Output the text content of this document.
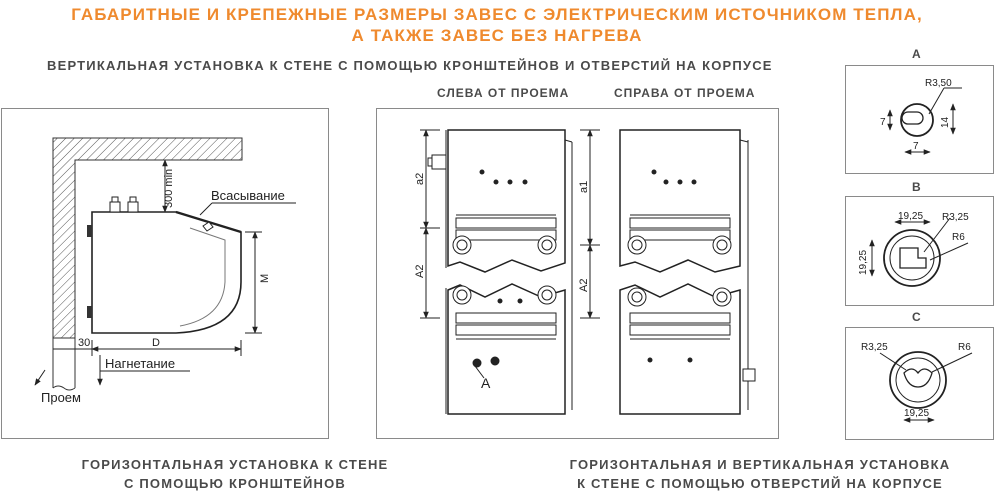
ГАБАРИТНЫЕ И КРЕПЕЖНЫЕ РАЗМЕРЫ ЗАВЕС С ЭЛЕКТРИЧЕСКИМ ИСТОЧНИКОМ ТЕПЛА,
А ТАКЖЕ ЗАВЕС БЕЗ НАГРЕВА
ВЕРТИКАЛЬНАЯ УСТАНОВКА К СТЕНЕ С ПОМОЩЬЮ КРОНШТЕЙНОВ И ОТВЕРСТИЙ НА КОРПУСЕ
СЛЕВА ОТ ПРОЕМА	СПРАВА ОТ ПРОЕМА
A
B
C
ГОРИЗОНТАЛЬНАЯ УСТАНОВКА К СТЕНЕ
С ПОМОЩЬЮ КРОНШТЕЙНОВ
ГОРИЗОНТАЛЬНАЯ И ВЕРТИКАЛЬНАЯ УСТАНОВКА
К СТЕНЕ С ПОМОЩЬЮ ОТВЕРСТИЙ НА КОРПУСЕ
300 min	Всасывание
M
D
30
Нагнетание
Проем
a2
A2
A
a1
A2
R3,50
7	14
7
19,25 R3,25
R6
19,25
R3,25	R6
19,25
